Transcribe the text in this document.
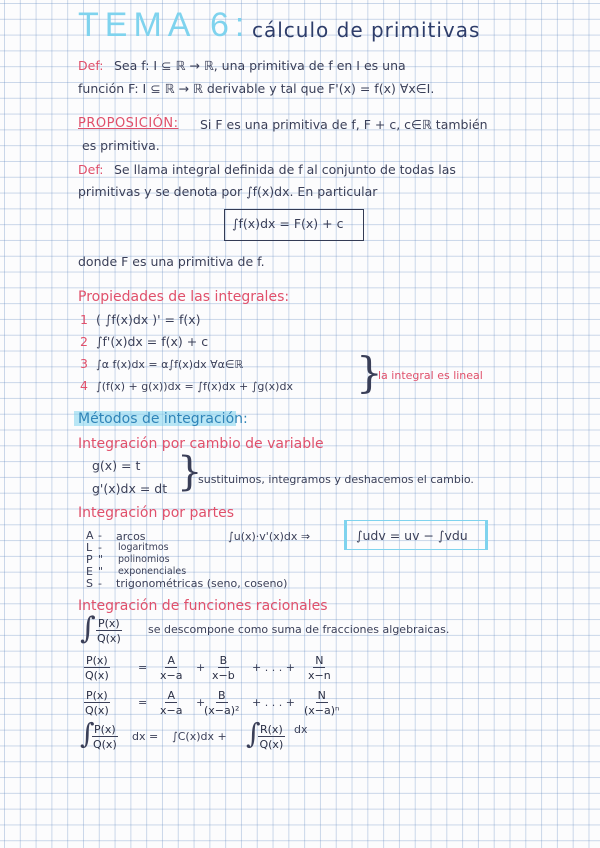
TEMA 6: cálculo de primitivas
Def: Sea f: I ⊆ ℝ → ℝ, una primitiva de f en I es una
función F: I ⊆ ℝ → ℝ derivable y tal que F'(x) = f(x) ∀x∈I.
PROPOSICIÓN: Si F es una primitiva de f, F + c, c∈ℝ también
es primitiva.
Def: Se llama integral definida de f al conjunto de todas las
primitivas y se denota por ∫f(x)dx. En particular
∫f(x)dx = F(x) + c
donde F es una primitiva de f.
Propiedades de las integrales:
1 ( ∫f(x)dx )' = f(x)
2 ∫f'(x)dx = f(x) + c
3 ∫α f(x)dx = α∫f(x)dx ∀α∈ℝ
4 ∫(f(x) + g(x))dx = ∫f(x)dx + ∫g(x)dx }
la integral es lineal
Métodos de integración:
Integración por cambio de variable
g(x) = t
g'(x)dx = dt }
sustituimos, integramos y deshacemos el cambio.
Integración por partes
A - arcos
L - logaritmos
P " polinomios
E " exponenciales
S - trigonométricas (seno, coseno)
∫u(x)·v'(x)dx ⇒	∫udv = uv − ∫vdu
Integración de funciones racionales
∫ $\frac{P(x)}{Q(x)}$ se descompone como suma de fracciones algebraicas.
$\frac{P(x)}{Q(x)}$	= $\frac{A}{x-a} + \frac{B}{x-b}$ + . . . + $\frac{N}{x-n}$
$\frac{P(x)}{Q(x)}$	= $\frac{A}{x-a}$ +
$\frac{B}{\text{(x−a)²}}$ + . . . + $\frac{N}{\text{(x−a)ⁿ}}$
∫
$\frac{P(x)}{Q(x)}$ dx = ∫C(x)dx + ∫
$\frac{R(x)}{Q(x)}$ dx
